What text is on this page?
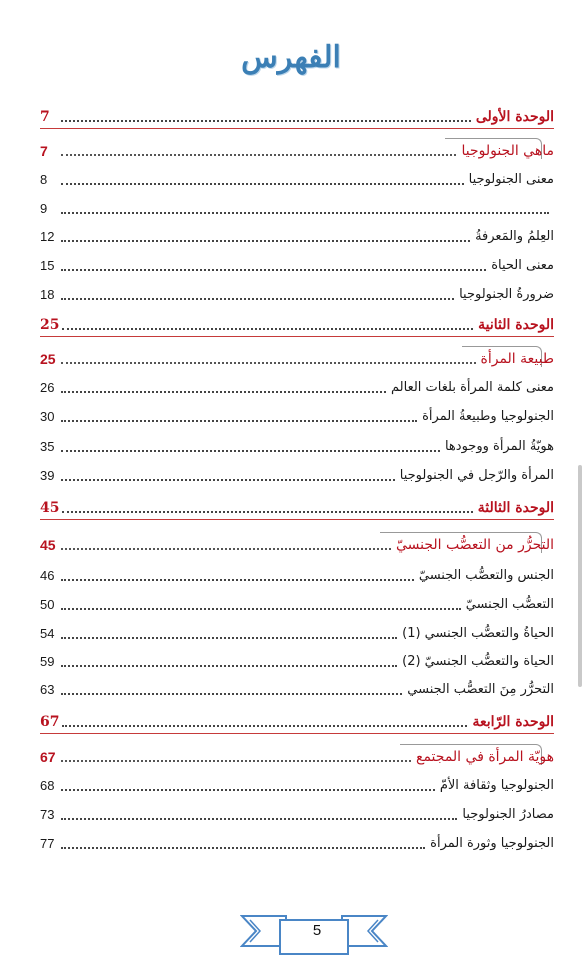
الفهرس
الوحدة الأولى
7
ماهي الجنولوجيا
7
معنى الجنولوجيا
8
9
العِلمُ والمَعرفةُ
12
معنى الحياة
15
ضرورةُ الجنولوجيا
18
الوحدة الثانية
25
طبيعة المرأة
25
معنى كلمة المرأة بلغات العالم
26
الجنولوجيا وطبيعةُ المرأة
30
هويّةُ المرأة ووجودها
35
المرأة والرّجل في الجنولوجيا
39
الوحدة الثالثة
45
التحرُّر من التعصُّب الجنسيّ
45
الجنس والتعصُّب الجنسيّ
46
التعصُّب الجنسيّ
50
الحياةُ والتعصُّب الجنسي (1)
54
الحياة والتعصُّب الجنسيّ (2)
59
التحرُّر مِنَ التعصُّب الجنسي
63
الوحدة الرّابعة
67
هويّة المرأة في المجتمع
67
الجنولوجيا وثقافة الأمّ
68
مصادرُ الجنولوجيا
73
الجنولوجيا وثورة المرأة
77
5
